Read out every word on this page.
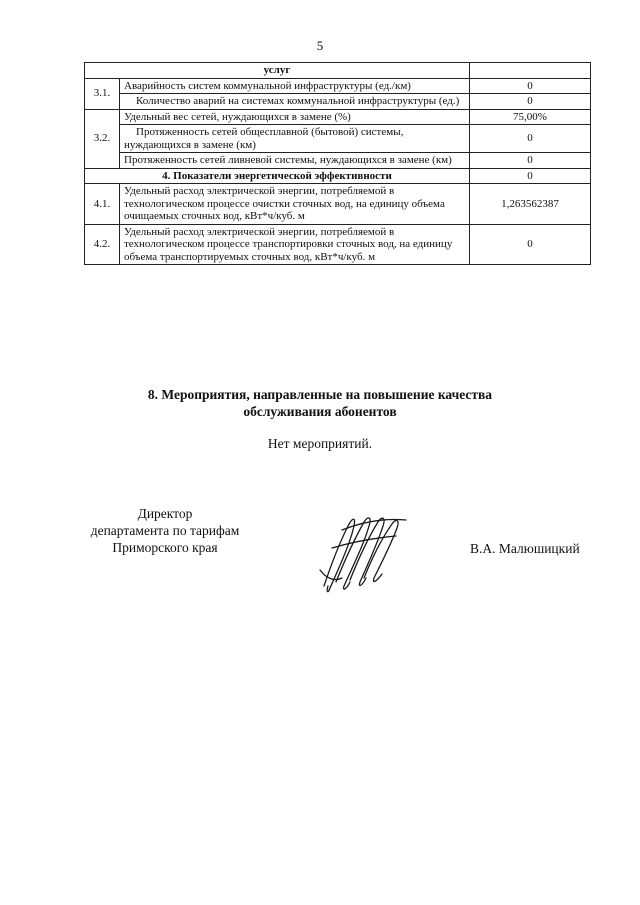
5
услуг		
3.1.	Аварийность систем коммунальной инфраструктуры (ед./км)	0
	Количество аварий на системах коммунальной инфраструктуры (ед.)	0
3.2.	Удельный вес сетей, нуждающихся в замене (%)	75,00%
	Протяженность сетей общесплавной (бытовой) системы, нуждающихся в замене (км)	0
	Протяженность сетей ливневой системы, нуждающихся в замене (км)	0
4. Показатели энергетической эффективности		0
4.1.	Удельный расход электрической энергии, потребляемой в технологическом процессе очистки сточных вод, на единицу объема очищаемых сточных вод, кВт*ч/куб. м	1,263562387
4.2.	Удельный расход электрической энергии, потребляемой в технологическом процессе транспортировки сточных вод, на единицу объема транспортируемых сточных вод, кВт*ч/куб. м	0
8. Мероприятия, направленные на повышение качества
обслуживания абонентов
Нет мероприятий.
Директор
департамента по тарифам
Приморского края	В.А. Малюшицкий
